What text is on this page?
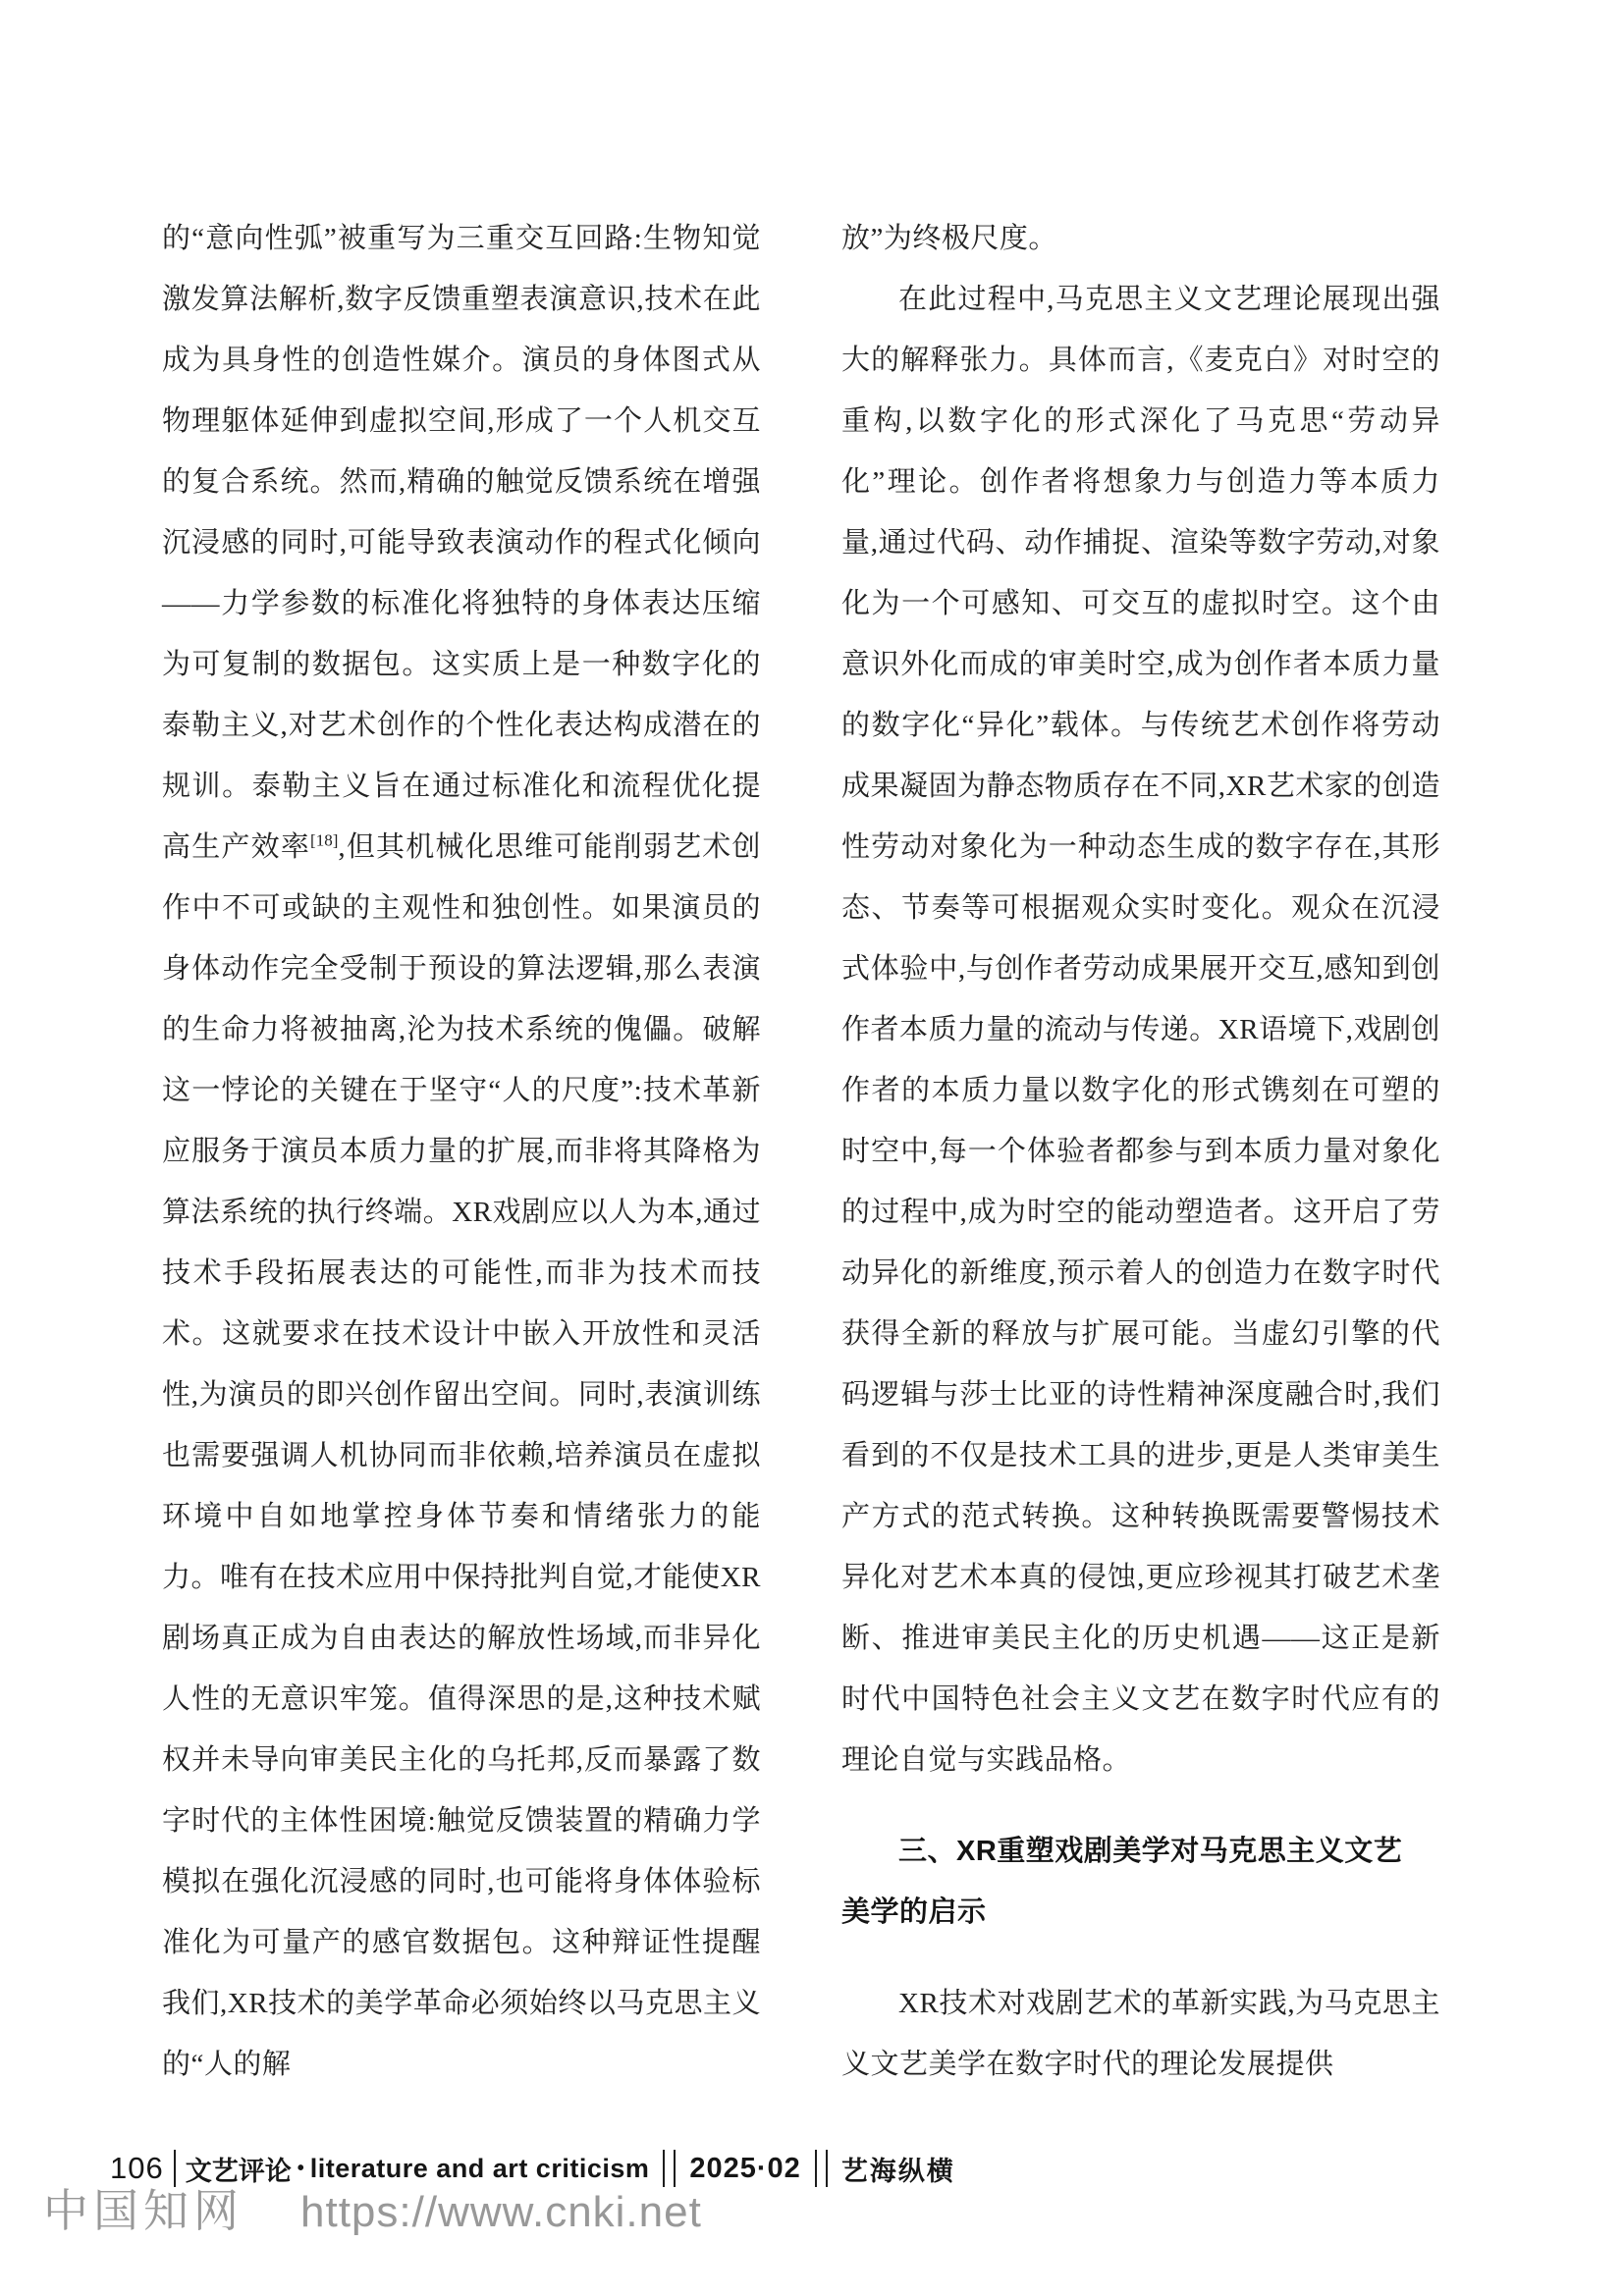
的“意向性弧”被重写为三重交互回路:生物知觉激发算法解析,数字反馈重塑表演意识,技术在此成为具身性的创造性媒介。演员的身体图式从物理躯体延伸到虚拟空间,形成了一个人机交互的复合系统。然而,精确的触觉反馈系统在增强沉浸感的同时,可能导致表演动作的程式化倾向——力学参数的标准化将独特的身体表达压缩为可复制的数据包。这实质上是一种数字化的泰勒主义,对艺术创作的个性化表达构成潜在的规训。泰勒主义旨在通过标准化和流程优化提高生产效率[18],但其机械化思维可能削弱艺术创作中不可或缺的主观性和独创性。如果演员的身体动作完全受制于预设的算法逻辑,那么表演的生命力将被抽离,沦为技术系统的傀儡。破解这一悖论的关键在于坚守“人的尺度”:技术革新应服务于演员本质力量的扩展,而非将其降格为算法系统的执行终端。XR戏剧应以人为本,通过技术手段拓展表达的可能性,而非为技术而技术。这就要求在技术设计中嵌入开放性和灵活性,为演员的即兴创作留出空间。同时,表演训练也需要强调人机协同而非依赖,培养演员在虚拟环境中自如地掌控身体节奏和情绪张力的能力。唯有在技术应用中保持批判自觉,才能使XR剧场真正成为自由表达的解放性场域,而非异化人性的无意识牢笼。值得深思的是,这种技术赋权并未导向审美民主化的乌托邦,反而暴露了数字时代的主体性困境:触觉反馈装置的精确力学模拟在强化沉浸感的同时,也可能将身体体验标准化为可量产的感官数据包。这种辩证性提醒我们,XR技术的美学革命必须始终以马克思主义的“人的解

放”为终极尺度。

在此过程中,马克思主义文艺理论展现出强大的解释张力。具体而言,《麦克白》对时空的重构,以数字化的形式深化了马克思“劳动异化”理论。创作者将想象力与创造力等本质力量,通过代码、动作捕捉、渲染等数字劳动,对象化为一个可感知、可交互的虚拟时空。这个由意识外化而成的审美时空,成为创作者本质力量的数字化“异化”载体。与传统艺术创作将劳动成果凝固为静态物质存在不同,XR艺术家的创造性劳动对象化为一种动态生成的数字存在,其形态、节奏等可根据观众实时变化。观众在沉浸式体验中,与创作者劳动成果展开交互,感知到创作者本质力量的流动与传递。XR语境下,戏剧创作者的本质力量以数字化的形式镌刻在可塑的时空中,每一个体验者都参与到本质力量对象化的过程中,成为时空的能动塑造者。这开启了劳动异化的新维度,预示着人的创造力在数字时代获得全新的释放与扩展可能。当虚幻引擎的代码逻辑与莎士比亚的诗性精神深度融合时,我们看到的不仅是技术工具的进步,更是人类审美生产方式的范式转换。这种转换既需要警惕技术异化对艺术本真的侵蚀,更应珍视其打破艺术垄断、推进审美民主化的历史机遇——这正是新时代中国特色社会主义文艺在数字时代应有的理论自觉与实践品格。

三、XR重塑戏剧美学对马克思主义文艺
美学的启示

XR技术对戏剧艺术的革新实践,为马克思主义文艺美学在数字时代的理论发展提供

106 文艺评论 • literature and art criticism 2025·02 艺海纵横
中国知网 https://www.cnki.net
